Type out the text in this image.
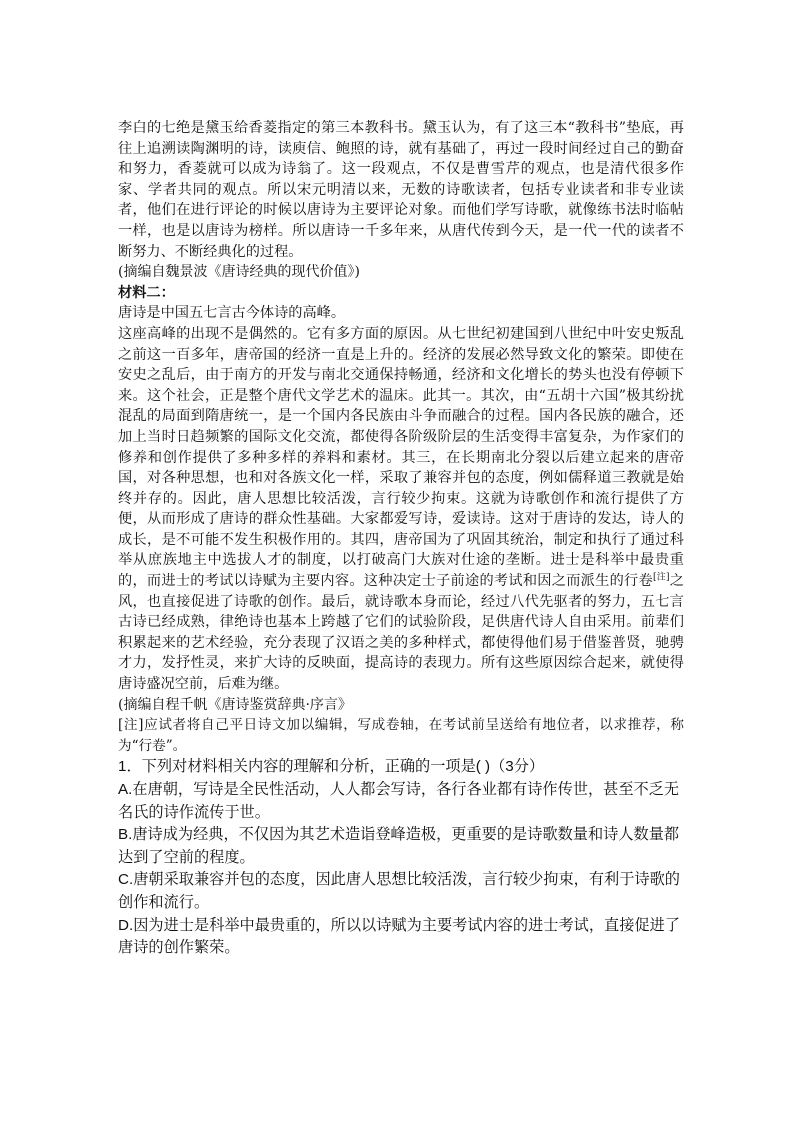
李白的七绝是黛玉给香菱指定的第三本教科书。黛玉认为，有了这三本“教科书”垫底，再往上追溯读陶渊明的诗，读庾信、鲍照的诗，就有基础了，再过一段时间经过自己的勤奋和努力，香菱就可以成为诗翁了。这一段观点，不仅是曹雪芹的观点，也是清代很多作家、学者共同的观点。所以宋元明清以来，无数的诗歌读者，包括专业读者和非专业读者，他们在进行评论的时候以唐诗为主要评论对象。而他们学写诗歌，就像练书法时临帖一样，也是以唐诗为榜样。所以唐诗一千多年来，从唐代传到今天，是一代一代的读者不断努力、不断经典化的过程。

(摘编自魏景波《唐诗经典的现代价值》)

材料二：

唐诗是中国五七言古今体诗的高峰。

这座高峰的出现不是偶然的。它有多方面的原因。从七世纪初建国到八世纪中叶安史叛乱之前这一百多年，唐帝国的经济一直是上升的。经济的发展必然导致文化的繁荣。即使在安史之乱后，由于南方的开发与南北交通保持畅通，经济和文化增长的势头也没有停顿下来。这个社会，正是整个唐代文学艺术的温床。此其一。其次，由“五胡十六国”极其纷扰混乱的局面到隋唐统一，是一个国内各民族由斗争而融合的过程。国内各民族的融合，还加上当时日趋频繁的国际文化交流，都使得各阶级阶层的生活变得丰富复杂，为作家们的修养和创作提供了多种多样的养料和素材。其三，在长期南北分裂以后建立起来的唐帝国，对各种思想，也和对各族文化一样，采取了兼容并包的态度，例如儒释道三教就是始终并存的。因此，唐人思想比较活泼，言行较少拘束。这就为诗歌创作和流行提供了方便，从而形成了唐诗的群众性基础。大家都爱写诗，爱读诗。这对于唐诗的发达，诗人的成长，是不可能不发生积极作用的。其四，唐帝国为了巩固其统治，制定和执行了通过科举从庶族地主中选拔人才的制度，以打破高门大族对仕途的垄断。进士是科举中最贵重的，而进士的考试以诗赋为主要内容。这种决定士子前途的考试和因之而派生的行卷[注]之风，也直接促进了诗歌的创作。最后，就诗歌本身而论，经过八代先驱者的努力，五七言古诗已经成熟，律绝诗也基本上跨越了它们的试验阶段，足供唐代诗人自由采用。前辈们积累起来的艺术经验，充分表现了汉语之美的多种样式，都使得他们易于借鉴普贤，驰骋才力，发抒性灵，来扩大诗的反映面，提高诗的表现力。所有这些原因综合起来，就使得唐诗盛况空前，后难为继。

(摘编自程千帆《唐诗鉴赏辞典·序言》

[注]应试者将自己平日诗文加以编辑，写成卷轴，在考试前呈送给有地位者，以求推荐，称为“行卷”。

1．下列对材料相关内容的理解和分析，正确的一项是( )（3分）

A.在唐朝，写诗是全民性活动，人人都会写诗，各行各业都有诗作传世，甚至不乏无名氏的诗作流传于世。

B.唐诗成为经典，不仅因为其艺术造诣登峰造极，更重要的是诗歌数量和诗人数量都达到了空前的程度。

C.唐朝采取兼容并包的态度，因此唐人思想比较活泼，言行较少拘束，有利于诗歌的创作和流行。

D.因为进士是科举中最贵重的，所以以诗赋为主要考试内容的进士考试，直接促进了唐诗的创作繁荣。
